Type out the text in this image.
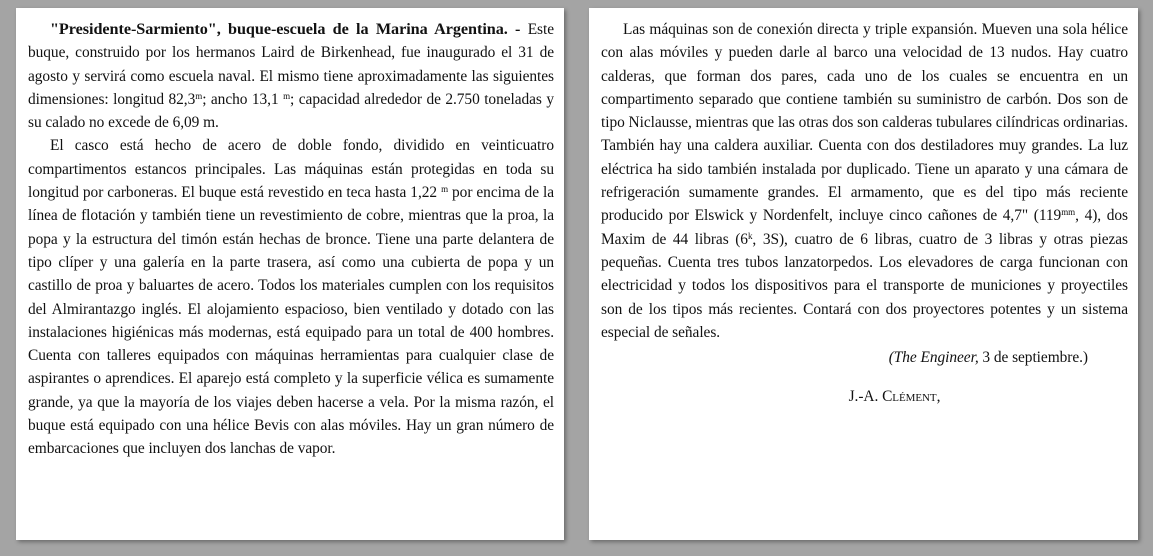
"Presidente-Sarmiento", buque-escuela de la Marina Argentina. - Este buque, construido por los hermanos Laird de Birkenhead, fue inaugurado el 31 de agosto y servirá como escuela naval. El mismo tiene aproximadamente las siguientes dimensiones: longitud 82,3$^m$; ancho 13,1 $^m$; capacidad alrededor de 2.750 toneladas y su calado no excede de 6,09 m.

El casco está hecho de acero de doble fondo, dividido en veinticuatro compartimentos estancos principales. Las máquinas están protegidas en toda su longitud por carboneras. El buque está revestido en teca hasta 1,22 $^m$ por encima de la línea de flotación y también tiene un revestimiento de cobre, mientras que la proa, la popa y la estructura del timón están hechas de bronce. Tiene una parte delantera de tipo clíper y una galería en la parte trasera, así como una cubierta de popa y un castillo de proa y baluartes de acero. Todos los materiales cumplen con los requisitos del Almirantazgo inglés. El alojamiento espacioso, bien ventilado y dotado con las instalaciones higiénicas más modernas, está equipado para un total de 400 hombres. Cuenta con talleres equipados con máquinas herramientas para cualquier clase de aspirantes o aprendices. El aparejo está completo y la superficie vélica es sumamente grande, ya que la mayoría de los viajes deben hacerse a vela. Por la misma razón, el buque está equipado con una hélice Bevis con alas móviles. Hay un gran número de embarcaciones que incluyen dos lanchas de vapor.

Las máquinas son de conexión directa y triple expansión. Mueven una sola hélice con alas móviles y pueden darle al barco una velocidad de 13 nudos. Hay cuatro calderas, que forman dos pares, cada uno de los cuales se encuentra en un compartimento separado que contiene también su suministro de carbón. Dos son de tipo Niclausse, mientras que las otras dos son calderas tubulares cilíndricas ordinarias. También hay una caldera auxiliar. Cuenta con dos destiladores muy grandes. La luz eléctrica ha sido también instalada por duplicado. Tiene un aparato y una cámara de refrigeración sumamente grandes. El armamento, que es del tipo más reciente producido por Elswick y Nordenfelt, incluye cinco cañones de 4,7" ($119^{mm}$, 4), dos Maxim de 44 libras (6$^k$, 3S), cuatro de 6 libras, cuatro de 3 libras y otras piezas pequeñas. Cuenta tres tubos lanzatorpedos. Los elevadores de carga funcionan con electricidad y todos los dispositivos para el transporte de municiones y proyectiles son de los tipos más recientes. Contará con dos proyectores potentes y un sistema especial de señales.

(The Engineer, 3 de septiembre.)

J.-A. Clément,
